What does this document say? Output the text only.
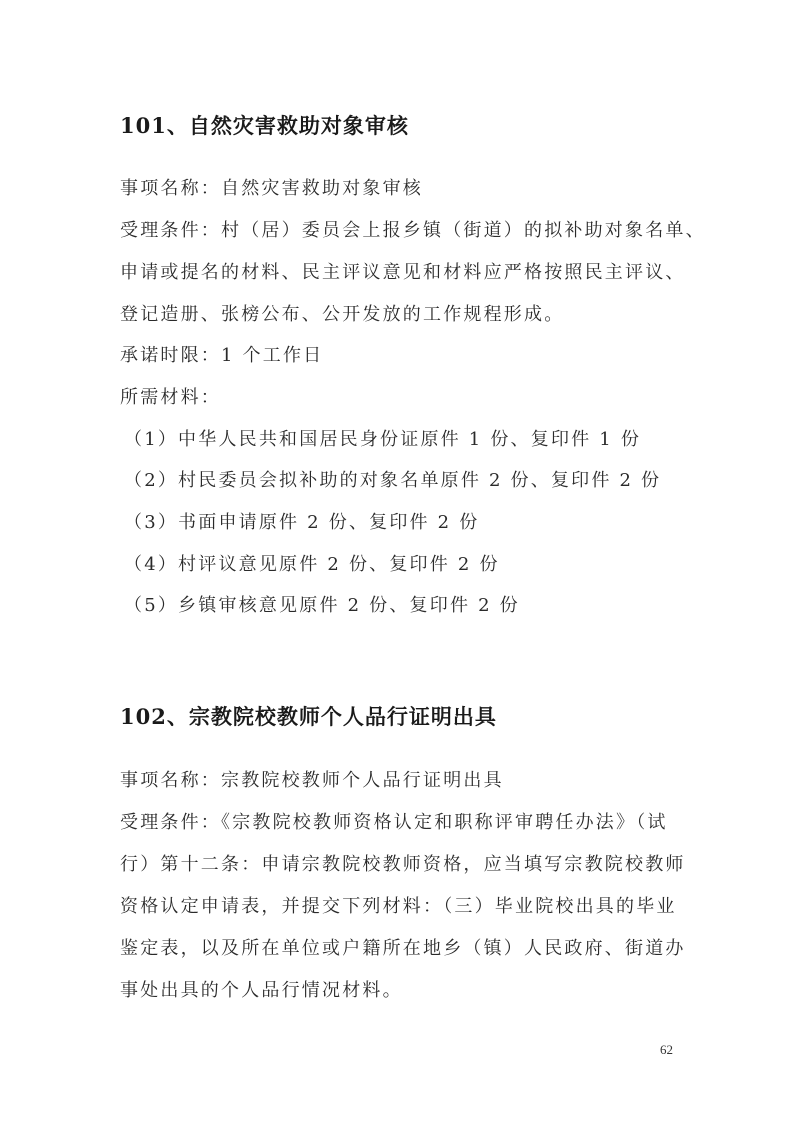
101、自然灾害救助对象审核
事项名称：自然灾害救助对象审核
受理条件：村（居）委员会上报乡镇（街道）的拟补助对象名单、
申请或提名的材料、民主评议意见和材料应严格按照民主评议、
登记造册、张榜公布、公开发放的工作规程形成。
承诺时限：1 个工作日
所需材料：
（1）中华人民共和国居民身份证原件 1 份、复印件 1 份
（2）村民委员会拟补助的对象名单原件 2 份、复印件 2 份
（3）书面申请原件 2 份、复印件 2 份
（4）村评议意见原件 2 份、复印件 2 份
（5）乡镇审核意见原件 2 份、复印件 2 份
102、宗教院校教师个人品行证明出具
事项名称：宗教院校教师个人品行证明出具
受理条件：《宗教院校教师资格认定和职称评审聘任办法》（试
行）第十二条：申请宗教院校教师资格，应当填写宗教院校教师
资格认定申请表，并提交下列材料：（三）毕业院校出具的毕业
鉴定表，以及所在单位或户籍所在地乡（镇）人民政府、街道办
事处出具的个人品行情况材料。
62
